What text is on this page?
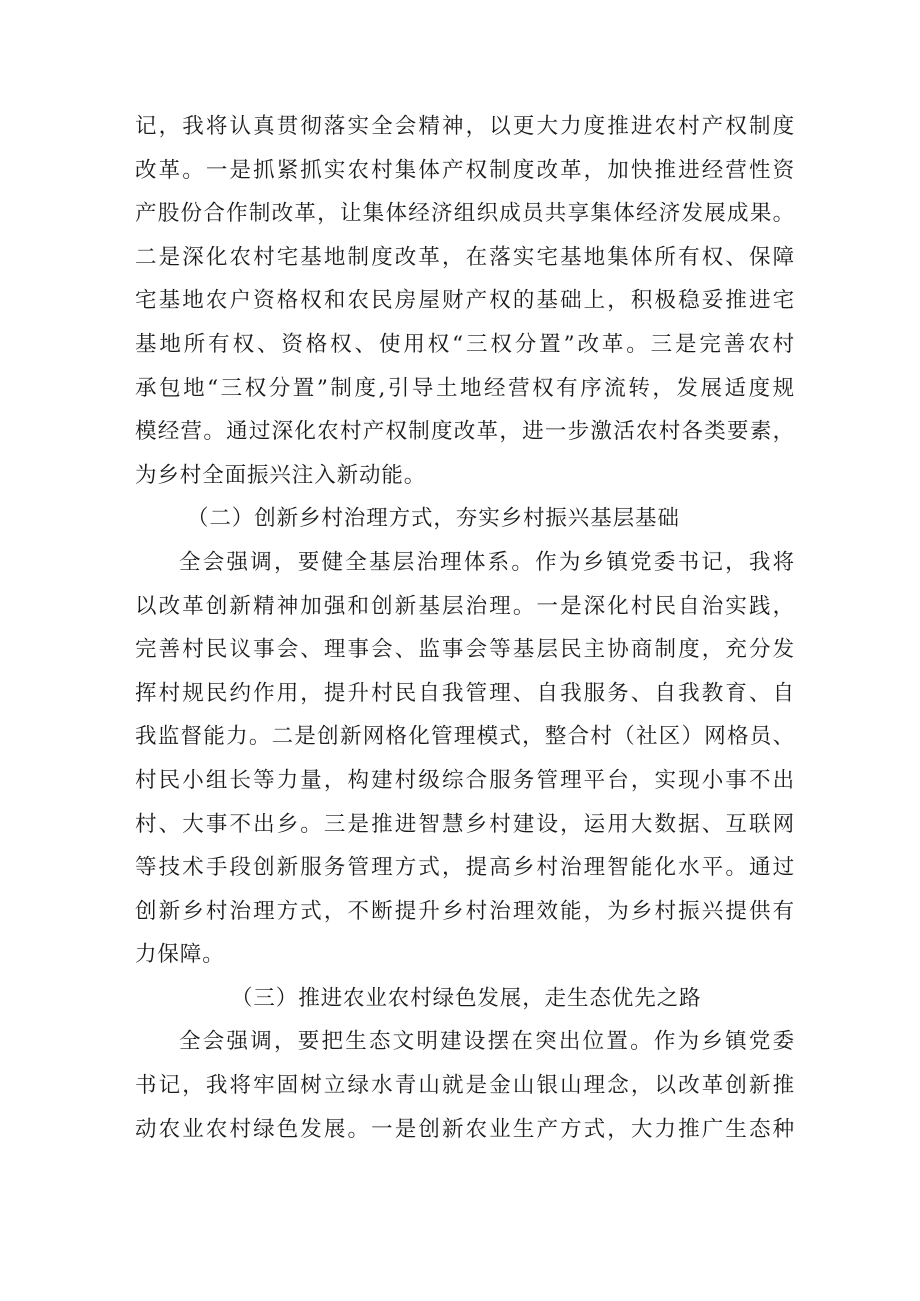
记，我将认真贯彻落实全会精神，以更大力度推进农村产权制度
改革。一是抓紧抓实农村集体产权制度改革，加快推进经营性资
产股份合作制改革，让集体经济组织成员共享集体经济发展成果。
二是深化农村宅基地制度改革，在落实宅基地集体所有权、保障
宅基地农户资格权和农民房屋财产权的基础上，积极稳妥推进宅
基地所有权、资格权、使用权“三权分置”改革。三是完善农村
承包地“三权分置”制度,引导土地经营权有序流转，发展适度规
模经营。通过深化农村产权制度改革，进一步激活农村各类要素，
为乡村全面振兴注入新动能。
（二）创新乡村治理方式，夯实乡村振兴基层基础
全会强调，要健全基层治理体系。作为乡镇党委书记，我将
以改革创新精神加强和创新基层治理。一是深化村民自治实践，
完善村民议事会、理事会、监事会等基层民主协商制度，充分发
挥村规民约作用，提升村民自我管理、自我服务、自我教育、自
我监督能力。二是创新网格化管理模式，整合村（社区）网格员、
村民小组长等力量，构建村级综合服务管理平台，实现小事不出
村、大事不出乡。三是推进智慧乡村建设，运用大数据、互联网
等技术手段创新服务管理方式，提高乡村治理智能化水平。通过
创新乡村治理方式，不断提升乡村治理效能，为乡村振兴提供有
力保障。
（三）推进农业农村绿色发展，走生态优先之路
全会强调，要把生态文明建设摆在突出位置。作为乡镇党委
书记，我将牢固树立绿水青山就是金山银山理念，以改革创新推
动农业农村绿色发展。一是创新农业生产方式，大力推广生态种
